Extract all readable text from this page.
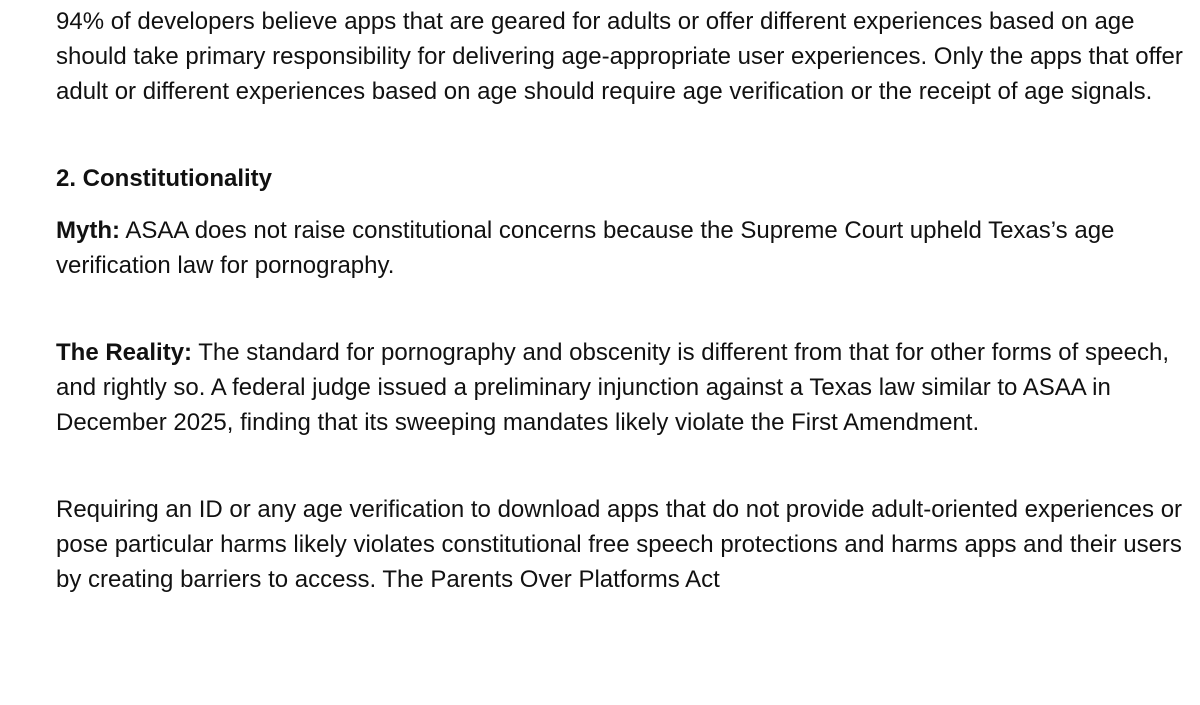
94% of developers believe apps that are geared for adults or offer different experiences based on age should take primary responsibility for delivering age-appropriate user experiences. Only the apps that offer adult or different experiences based on age should require age verification or the receipt of age signals.

2. Constitutionality

Myth: ASAA does not raise constitutional concerns because the Supreme Court upheld Texas’s age verification law for pornography.

The Reality: The standard for pornography and obscenity is different from that for other forms of speech, and rightly so. A federal judge issued a preliminary injunction against a Texas law similar to ASAA in December 2025, finding that its sweeping mandates likely violate the First Amendment.

Requiring an ID or any age verification to download apps that do not provide adult-oriented experiences or pose particular harms likely violates constitutional free speech protections and harms apps and their users by creating barriers to access. The Parents Over Platforms Act
